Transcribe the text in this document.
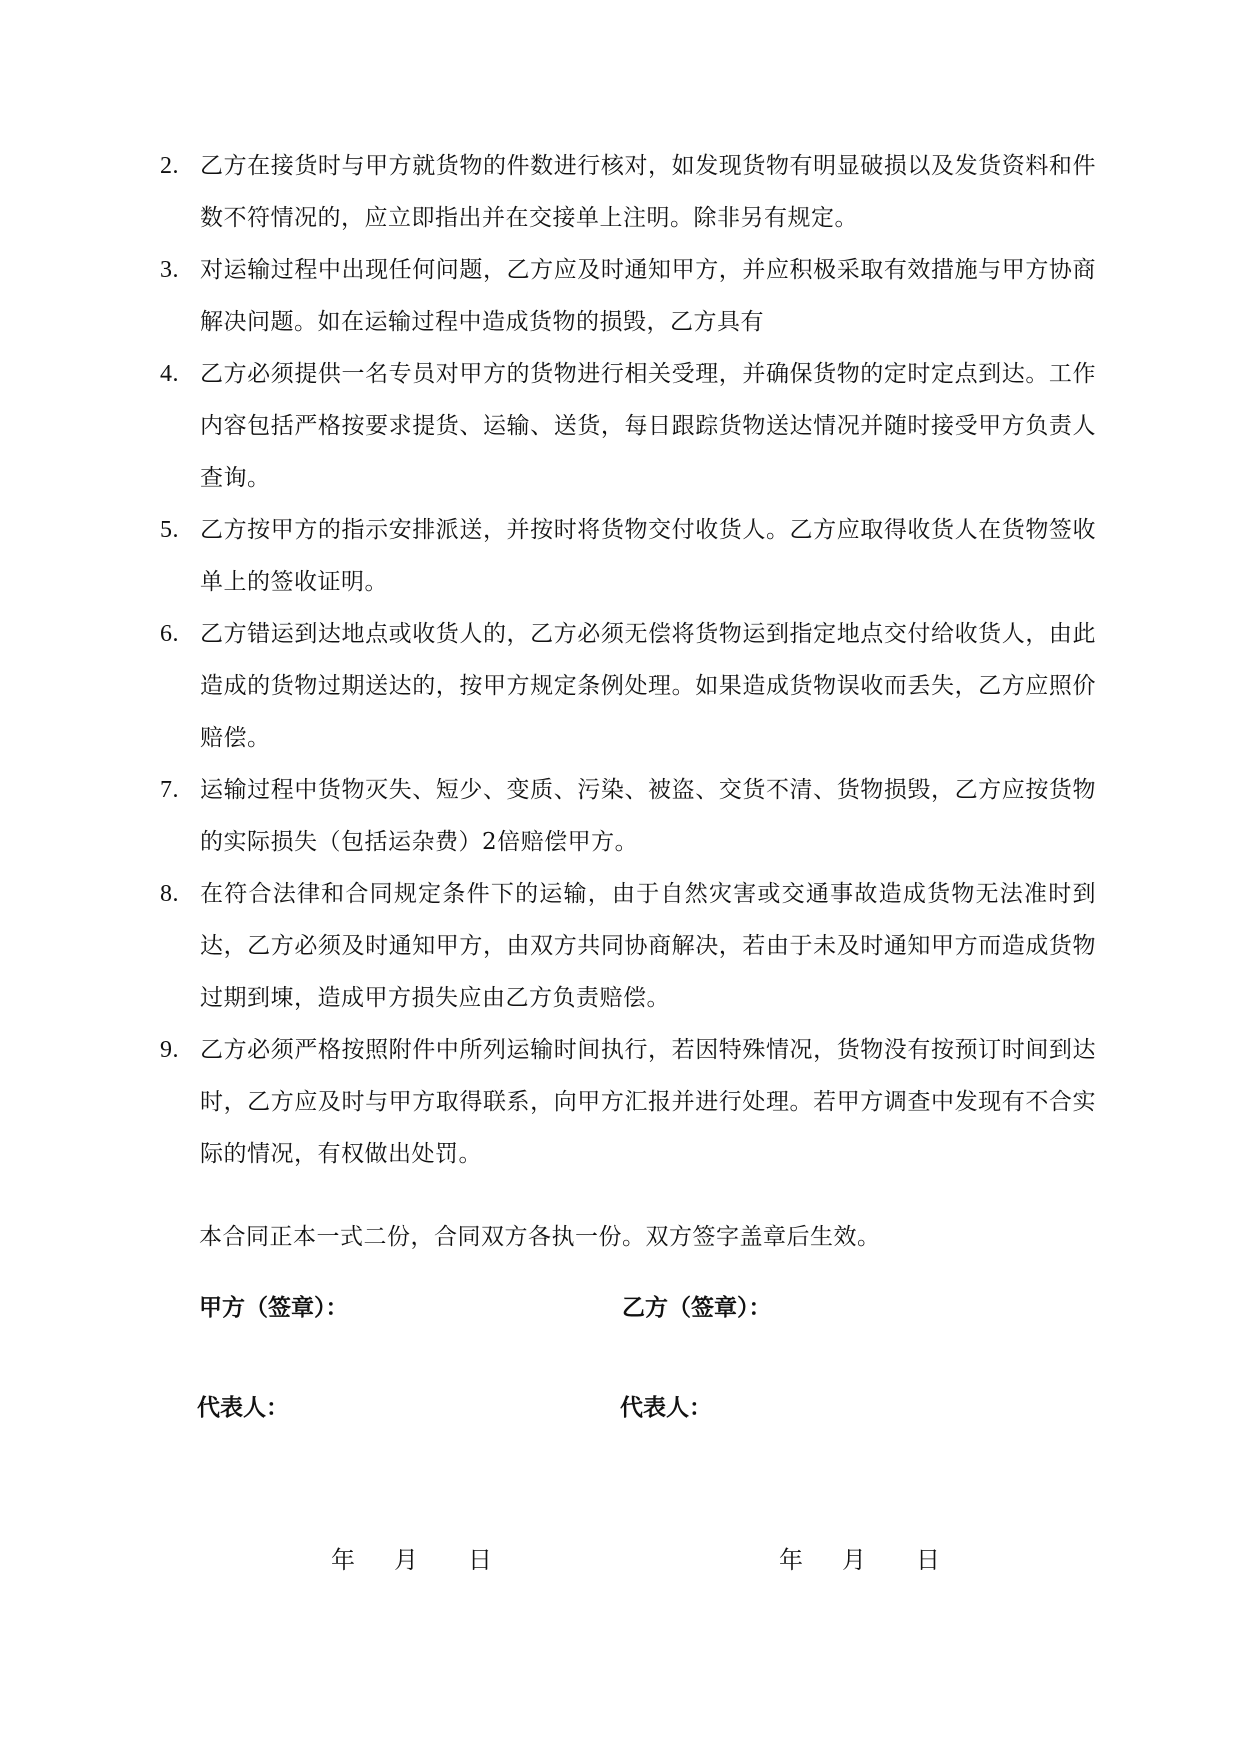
2. 乙方在接货时与甲方就货物的件数进行核对，如发现货物有明显破损以及发货资料和件数不符情况的，应立即指出并在交接单上注明。除非另有规定。
3. 对运输过程中出现任何问题，乙方应及时通知甲方，并应积极采取有效措施与甲方协商解决问题。如在运输过程中造成货物的损毁，乙方具有
4. 乙方必须提供一名专员对甲方的货物进行相关受理，并确保货物的定时定点到达。工作内容包括严格按要求提货、运输、送货，每日跟踪货物送达情况并随时接受甲方负责人查询。
5. 乙方按甲方的指示安排派送，并按时将货物交付收货人。乙方应取得收货人在货物签收单上的签收证明。
6. 乙方错运到达地点或收货人的，乙方必须无偿将货物运到指定地点交付给收货人，由此造成的货物过期送达的，按甲方规定条例处理。如果造成货物误收而丢失，乙方应照价赔偿。
7. 运输过程中货物灭失、短少、变质、污染、被盗、交货不清、货物损毁，乙方应按货物的实际损失（包括运杂费）2倍赔偿甲方。
8. 在符合法律和合同规定条件下的运输，由于自然灾害或交通事故造成货物无法准时到达，乙方必须及时通知甲方，由双方共同协商解决，若由于未及时通知甲方而造成货物过期到埬，造成甲方损失应由乙方负责赔偿。
9. 乙方必须严格按照附件中所列运输时间执行，若因特殊情况，货物没有按预订时间到达时，乙方应及时与甲方取得联系，向甲方汇报并进行处理。若甲方调查中发现有不合实际的情况，有权做出处罚。

本合同正本一式二份，合同双方各执一份。双方签字盖章后生效。

甲方（签章）：	乙方（签章）：
代表人：	代表人：
年	月	日	年	月	日
